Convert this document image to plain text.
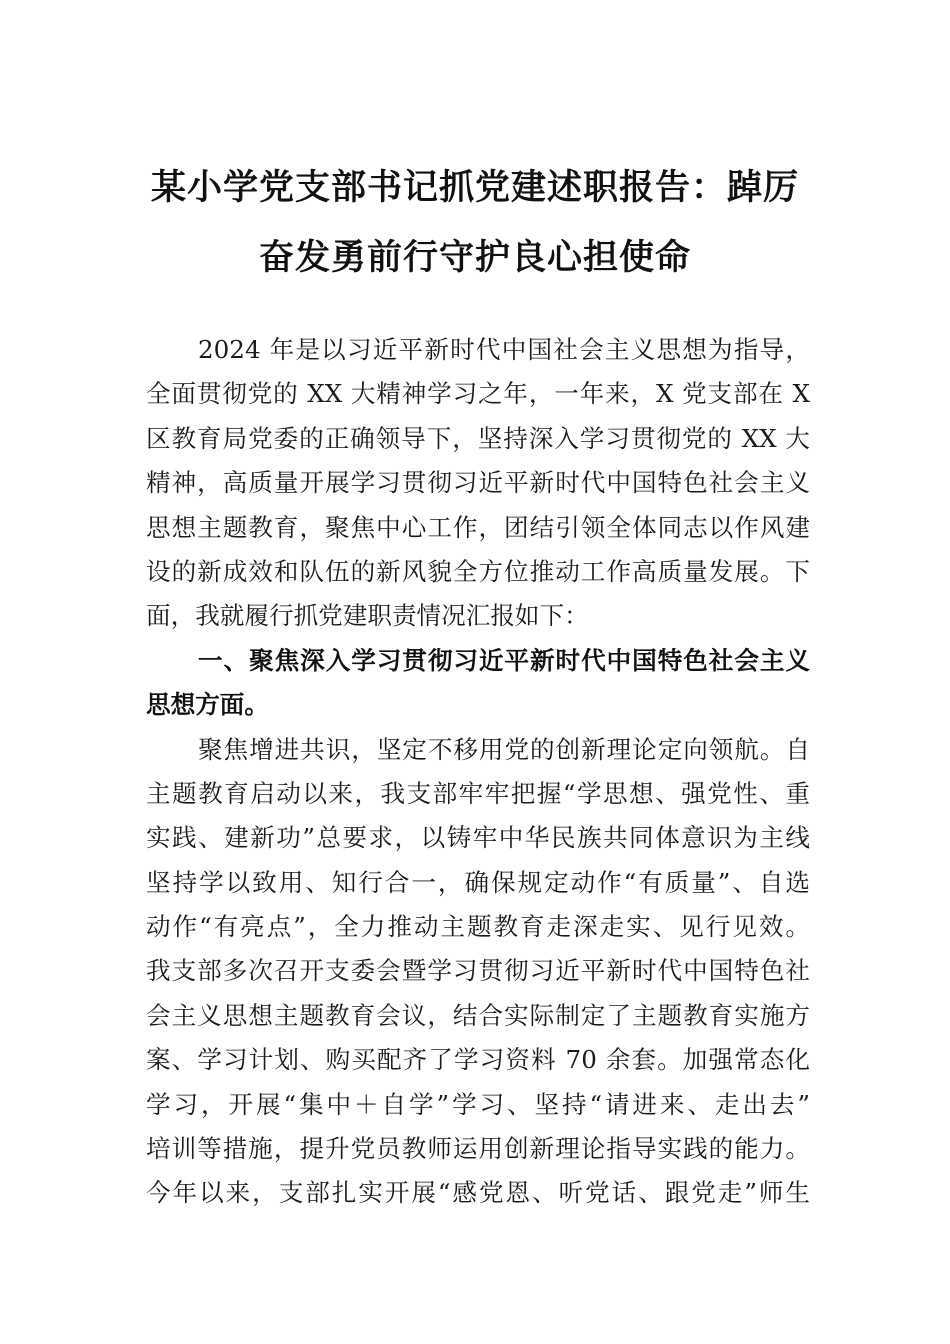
某小学党支部书记抓党建述职报告：踔厉
奋发勇前行守护良心担使命
2024 年是以习近平新时代中国社会主义思想为指导，
全面贯彻党的 XX 大精神学习之年，一年来，X 党支部在 X
区教育局党委的正确领导下，坚持深入学习贯彻党的 XX 大
精神，高质量开展学习贯彻习近平新时代中国特色社会主义
思想主题教育，聚焦中心工作，团结引领全体同志以作风建
设的新成效和队伍的新风貌全方位推动工作高质量发展。下
面，我就履行抓党建职责情况汇报如下：
一、聚焦深入学习贯彻习近平新时代中国特色社会主义
思想方面。
聚焦增进共识，坚定不移用党的创新理论定向领航。自
主题教育启动以来，我支部牢牢把握“学思想、强党性、重
实践、建新功”总要求，以铸牢中华民族共同体意识为主线
坚持学以致用、知行合一，确保规定动作“有质量”、自选
动作“有亮点”，全力推动主题教育走深走实、见行见效。
我支部多次召开支委会暨学习贯彻习近平新时代中国特色社
会主义思想主题教育会议，结合实际制定了主题教育实施方
案、学习计划、购买配齐了学习资料 70 余套。加强常态化
学习，开展“集中＋自学”学习、坚持“请进来、走出去”
培训等措施，提升党员教师运用创新理论指导实践的能力。
今年以来，支部扎实开展“感党恩、听党话、跟党走”师生
